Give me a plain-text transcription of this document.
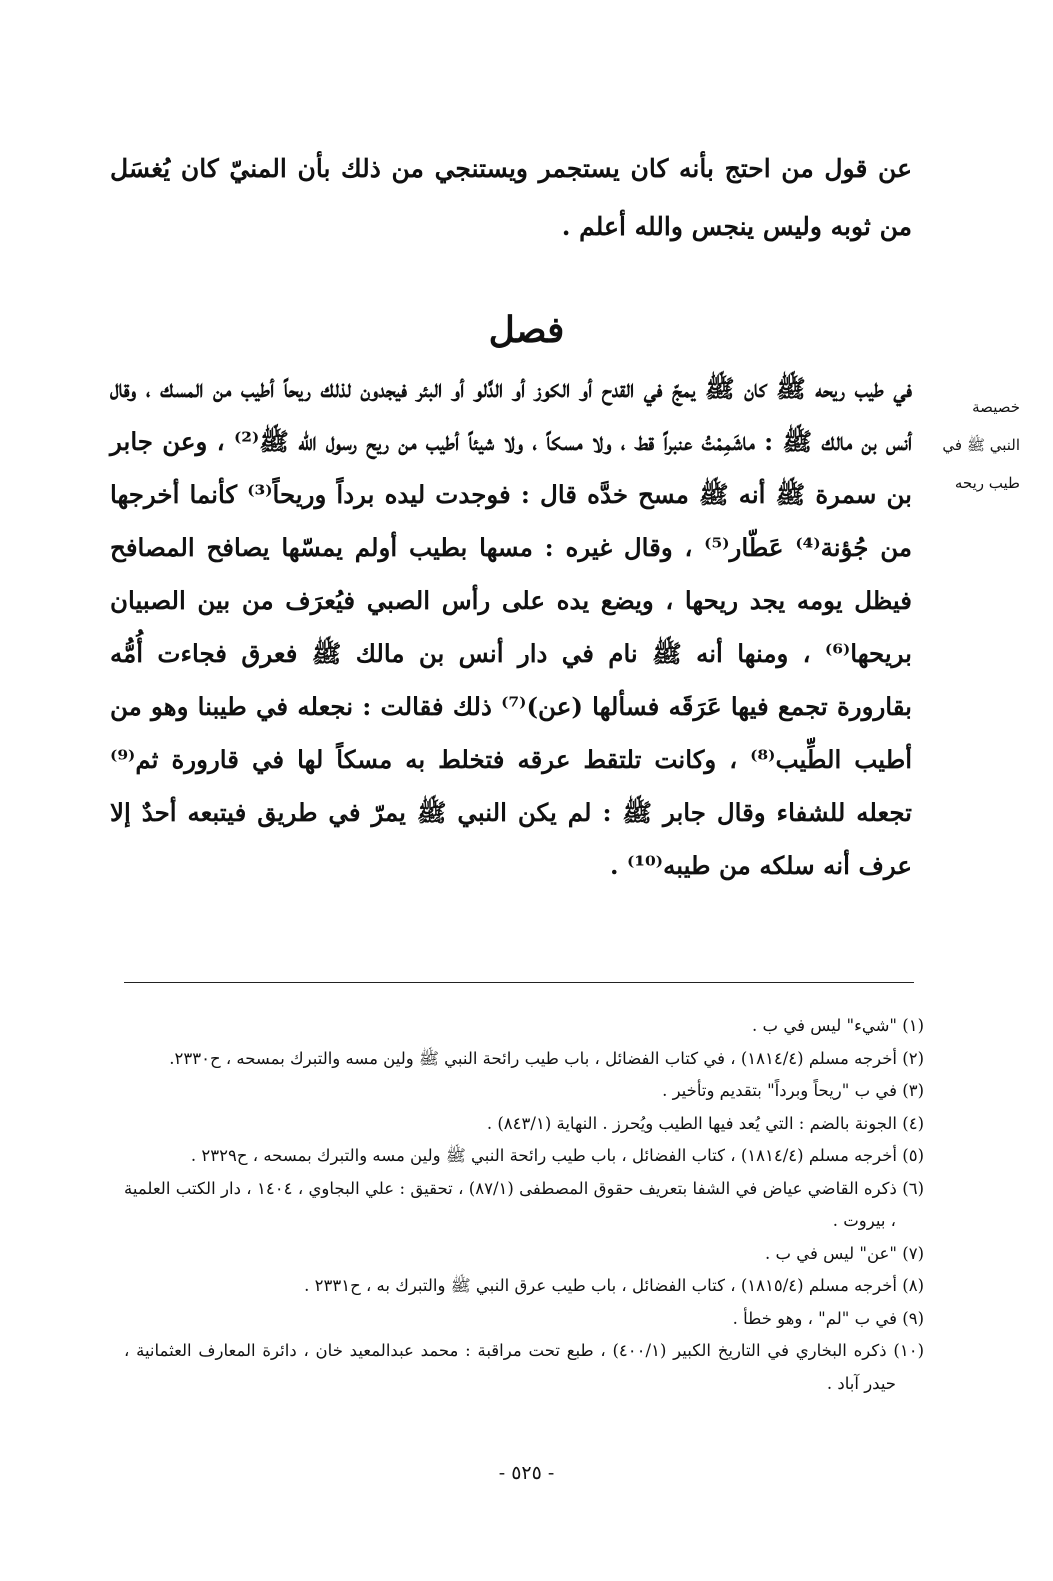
عن قول من احتج بأنه كان يستجمر ويستنجي من ذلك بأن المنيّ كان يُغسَل من ثوبه وليس ينجس والله أعلم .

فصل

خصيصة النبي ﷺ في طيب ريحه

في طيب ريحه ﷺ كان ﷺ يمجّ في القدح أو الكوز أو الدَّلو أو البئر فيجدون لذلك ريحاً أطيب من المسك ، وقال أنس بن مالك ﷺ : ماشَمِمْتُ عنبراً قط ، ولا مسكاً ، ولا شيئاً أطيب من ريح رسول الله ﷺ⁽²⁾ ، وعن جابر بن سمرة ﷺ أنه ﷺ مسح خدَّه قال : فوجدت ليده برداً وريحاً⁽³⁾ كأنما أخرجها من جُؤنة⁽⁴⁾ عَطّار⁽⁵⁾ ، وقال غيره : مسها بطيب أولم يمسّها يصافح المصافح فيظل يومه يجد ريحها ، ويضع يده على رأس الصبي فيُعرَف من بين الصبيان بريحها⁽⁶⁾ ، ومنها أنه ﷺ نام في دار أنس بن مالك ﷺ فعرق فجاءت أُمُّه بقارورة تجمع فيها عَرَقَه فسألها (عن)⁽⁷⁾ ذلك فقالت : نجعله في طيبنا وهو من أطيب الطِّيب⁽⁸⁾ ، وكانت تلتقط عرقه فتخلط به مسكاً لها في قارورة ثم⁽⁹⁾ تجعله للشفاء وقال جابر ﷺ : لم يكن النبي ﷺ يمرّ في طريق فيتبعه أحدٌ إلا عرف أنه سلكه من طيبه⁽¹⁰⁾ .

(١) "شيء" ليس في ب .
(٢) أخرجه مسلم (١٨١٤/٤) ، في كتاب الفضائل ، باب طيب رائحة النبي ﷺ ولين مسه والتبرك بمسحه ، ح٢٣٣٠.
(٣) في ب "ريحاً وبرداً" بتقديم وتأخير .
(٤) الجونة بالضم : التي يُعد فيها الطيب ويُحرز . النهاية (٨٤٣/١) .
(٥) أخرجه مسلم (١٨١٤/٤) ، كتاب الفضائل ، باب طيب رائحة النبي ﷺ ولين مسه والتبرك بمسحه ، ح٢٣٢٩ .
(٦) ذكره القاضي عياض في الشفا بتعريف حقوق المصطفى (٨٧/١) ، تحقيق : علي البجاوي ، ١٤٠٤ ، دار الكتب العلمية ، بيروت .
(٧) "عن" ليس في ب .
(٨) أخرجه مسلم (١٨١٥/٤) ، كتاب الفضائل ، باب طيب عرق النبي ﷺ والتبرك به ، ح٢٣٣١ .
(٩) في ب "لم" ، وهو خطأ .
(١٠) ذكره البخاري في التاريخ الكبير (٤٠٠/١) ، طبع تحت مراقبة : محمد عبدالمعيد خان ، دائرة المعارف العثمانية ، حيدر آباد .

- ٥٢٥ -
